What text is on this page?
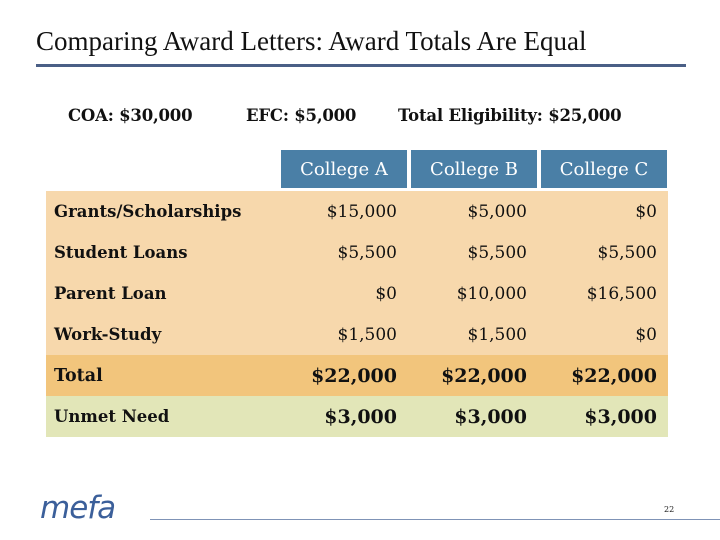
Comparing Award Letters: Award Totals Are Equal
COA: $30,000	EFC: $5,000	Total Eligibility: $25,000
College A	College B	College C
Grants/Scholarships	$15,000	$5,000	$0
Student Loans	$5,500	$5,500	$5,500
Parent Loan	$0	$10,000	$16,500
Work-Study	$1,500	$1,500	$0
Total	$22,000	$22,000	$22,000
Unmet Need	$3,000	$3,000	$3,000
mefa	22
